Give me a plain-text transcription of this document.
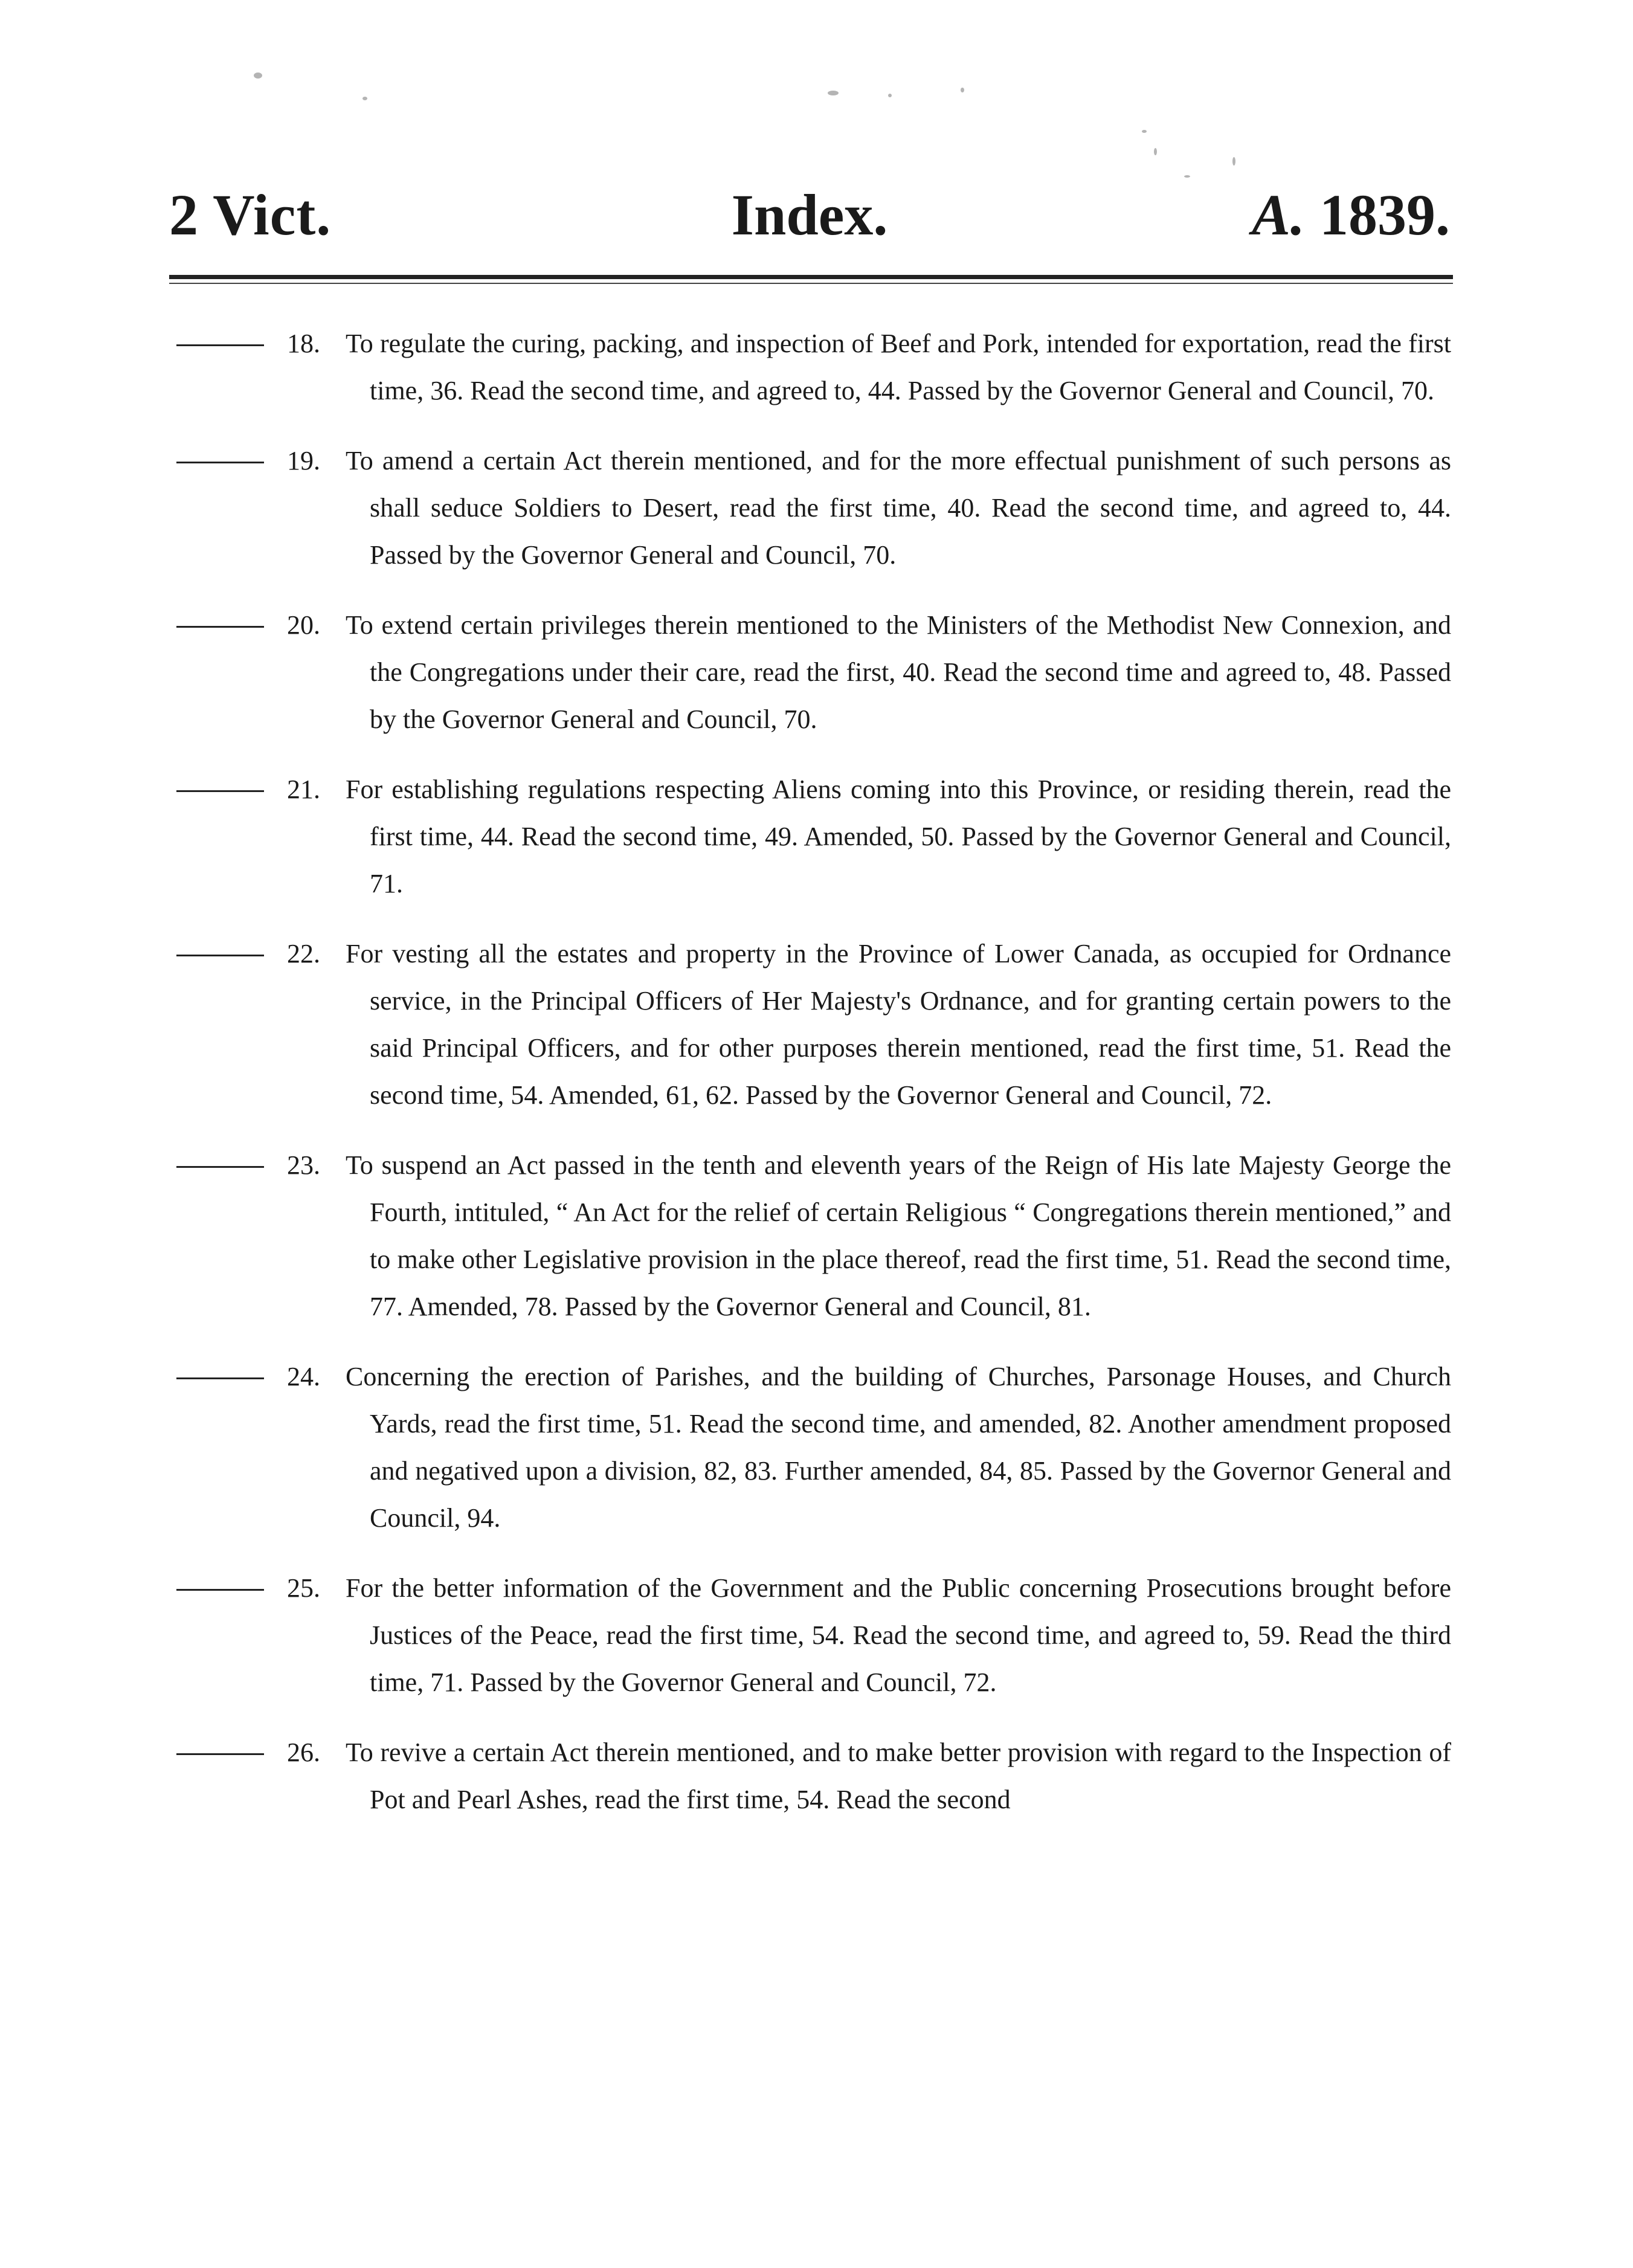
2 Vict.	Index.	A. 1839.
18. To regulate the curing, packing, and inspection of Beef and Pork, intended for exportation, read the first time, 36. Read the second time, and agreed to, 44. Passed by the Governor General and Council, 70.
19. To amend a certain Act therein mentioned, and for the more effectual punishment of such persons as shall seduce Soldiers to Desert, read the first time, 40. Read the second time, and agreed to, 44. Passed by the Governor General and Council, 70.
20. To extend certain privileges therein mentioned to the Ministers of the Methodist New Connexion, and the Congregations under their care, read the first, 40. Read the second time and agreed to, 48. Passed by the Governor General and Council, 70.
21. For establishing regulations respecting Aliens coming into this Province, or residing therein, read the first time, 44. Read the second time, 49. Amended, 50. Passed by the Governor General and Council, 71.
22. For vesting all the estates and property in the Province of Lower Canada, as occupied for Ordnance service, in the Principal Officers of Her Majesty's Ordnance, and for granting certain powers to the said Principal Officers, and for other purposes therein mentioned, read the first time, 51. Read the second time, 54. Amended, 61, 62. Passed by the Governor General and Council, 72.
23. To suspend an Act passed in the tenth and eleventh years of the Reign of His late Majesty George the Fourth, intituled, “ An Act for the relief of certain Religious “ Congregations therein mentioned,” and to make other Legislative provision in the place thereof, read the first time, 51. Read the second time, 77. Amended, 78. Passed by the Governor General and Council, 81.
24. Concerning the erection of Parishes, and the building of Churches, Parsonage Houses, and Church Yards, read the first time, 51. Read the second time, and amended, 82. Another amendment proposed and negatived upon a division, 82, 83. Further amended, 84, 85. Passed by the Governor General and Council, 94.
25. For the better information of the Government and the Public concerning Prosecutions brought before Justices of the Peace, read the first time, 54. Read the second time, and agreed to, 59. Read the third time, 71. Passed by the Governor General and Council, 72.
26. To revive a certain Act therein mentioned, and to make better provision with regard to the Inspection of Pot and Pearl Ashes, read the first time, 54. Read the second
